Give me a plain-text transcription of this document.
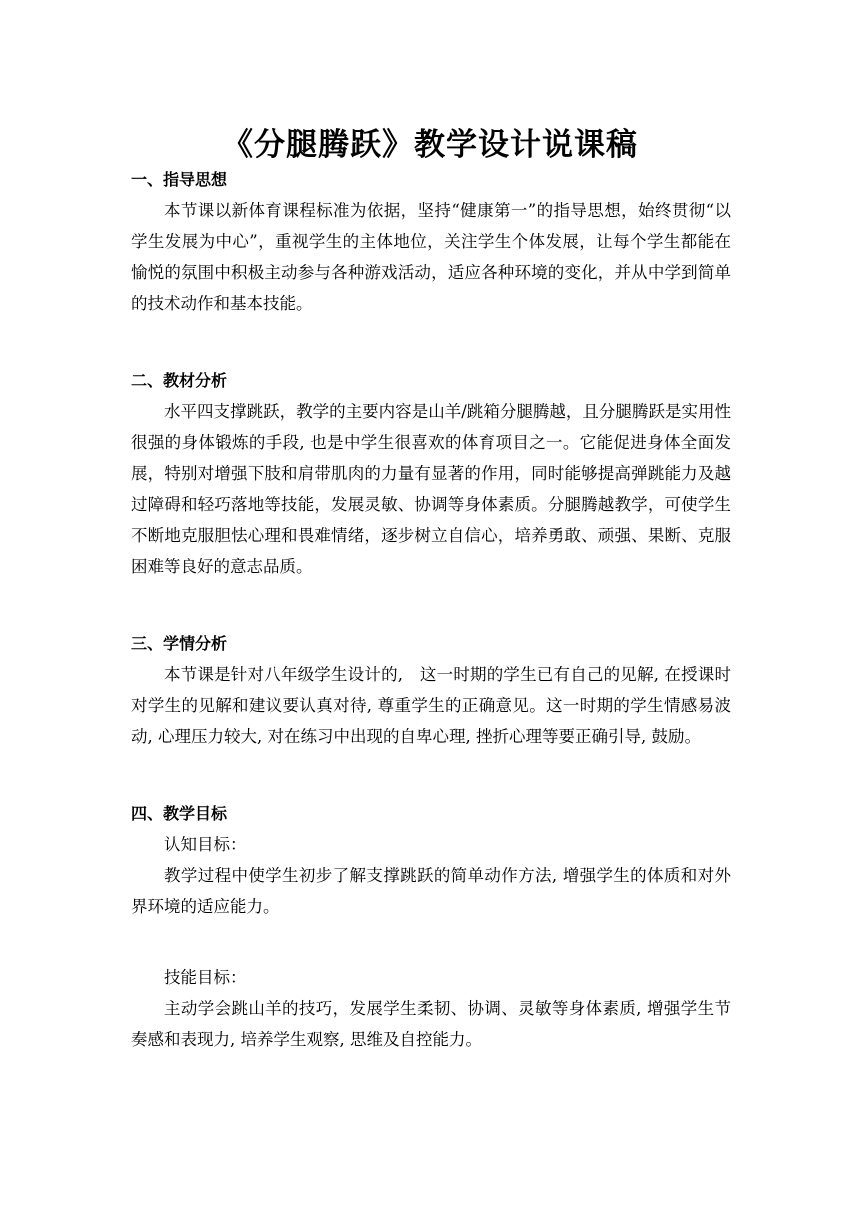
《分腿腾跃》教学设计说课稿
一、指导思想

本节课以新体育课程标准为依据，坚持“健康第一”的指导思想，始终贯彻“以学生发展为中心”，重视学生的主体地位，关注学生个体发展，让每个学生都能在愉悦的氛围中积极主动参与各种游戏活动，适应各种环境的变化，并从中学到简单的技术动作和基本技能。

二、教材分析

水平四支撑跳跃，教学的主要内容是山羊/跳箱分腿腾越，且分腿腾跃是实用性很强的身体锻炼的手段, 也是中学生很喜欢的体育项目之一。它能促进身体全面发展，特别对增强下肢和肩带肌肉的力量有显著的作用，同时能够提高弹跳能力及越过障碍和轻巧落地等技能，发展灵敏、协调等身体素质。分腿腾越教学，可使学生不断地克服胆怯心理和畏难情绪，逐步树立自信心，培养勇敢、顽强、果断、克服困难等良好的意志品质。

三、学情分析

本节课是针对八年级学生设计的,　这一时期的学生已有自己的见解, 在授课时对学生的见解和建议要认真对待, 尊重学生的正确意见。这一时期的学生情感易波动, 心理压力较大, 对在练习中出现的自卑心理, 挫折心理等要正确引导, 鼓励。

四、教学目标

认知目标：

教学过程中使学生初步了解支撑跳跃的简单动作方法, 增强学生的体质和对外界环境的适应能力。

技能目标：

主动学会跳山羊的技巧，发展学生柔韧、协调、灵敏等身体素质, 增强学生节奏感和表现力, 培养学生观察, 思维及自控能力。
